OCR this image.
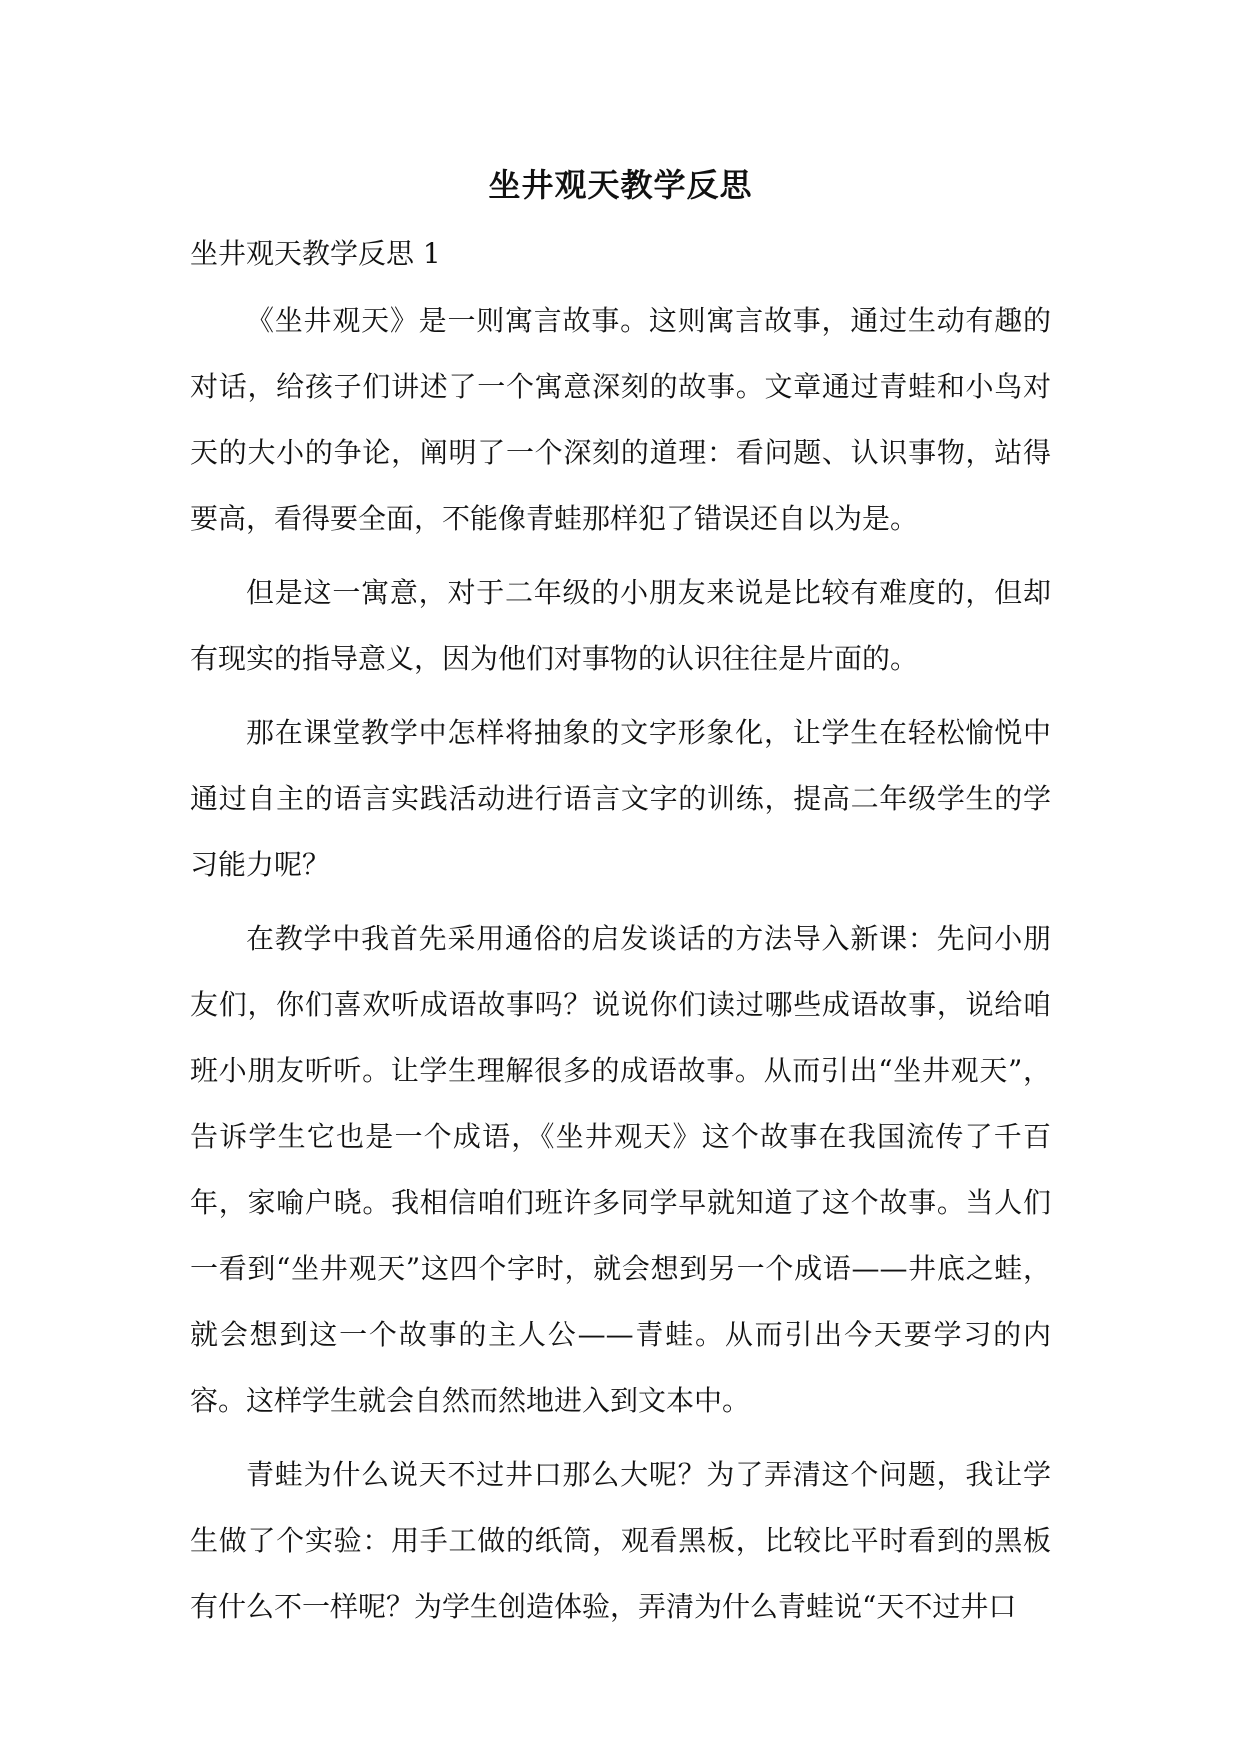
坐井观天教学反思
坐井观天教学反思 1

《坐井观天》是一则寓言故事。这则寓言故事，通过生动有趣的对话，给孩子们讲述了一个寓意深刻的故事。文章通过青蛙和小鸟对天的大小的争论，阐明了一个深刻的道理：看问题、认识事物，站得要高，看得要全面，不能像青蛙那样犯了错误还自以为是。

但是这一寓意，对于二年级的小朋友来说是比较有难度的，但却有现实的指导意义，因为他们对事物的认识往往是片面的。

那在课堂教学中怎样将抽象的文字形象化，让学生在轻松愉悦中通过自主的语言实践活动进行语言文字的训练，提高二年级学生的学习能力呢？

在教学中我首先采用通俗的启发谈话的方法导入新课：先问小朋友们，你们喜欢听成语故事吗？说说你们读过哪些成语故事，说给咱班小朋友听听。让学生理解很多的成语故事。从而引出“坐井观天”，告诉学生它也是一个成语，《坐井观天》这个故事在我国流传了千百年，家喻户晓。我相信咱们班许多同学早就知道了这个故事。当人们一看到“坐井观天”这四个字时，就会想到另一个成语——井底之蛙，就会想到这一个故事的主人公——青蛙。从而引出今天要学习的内容。这样学生就会自然而然地进入到文本中。

青蛙为什么说天不过井口那么大呢？为了弄清这个问题，我让学生做了个实验：用手工做的纸筒，观看黑板，比较比平时看到的黑板有什么不一样呢？为学生创造体验，弄清为什么青蛙说“天不过井口
